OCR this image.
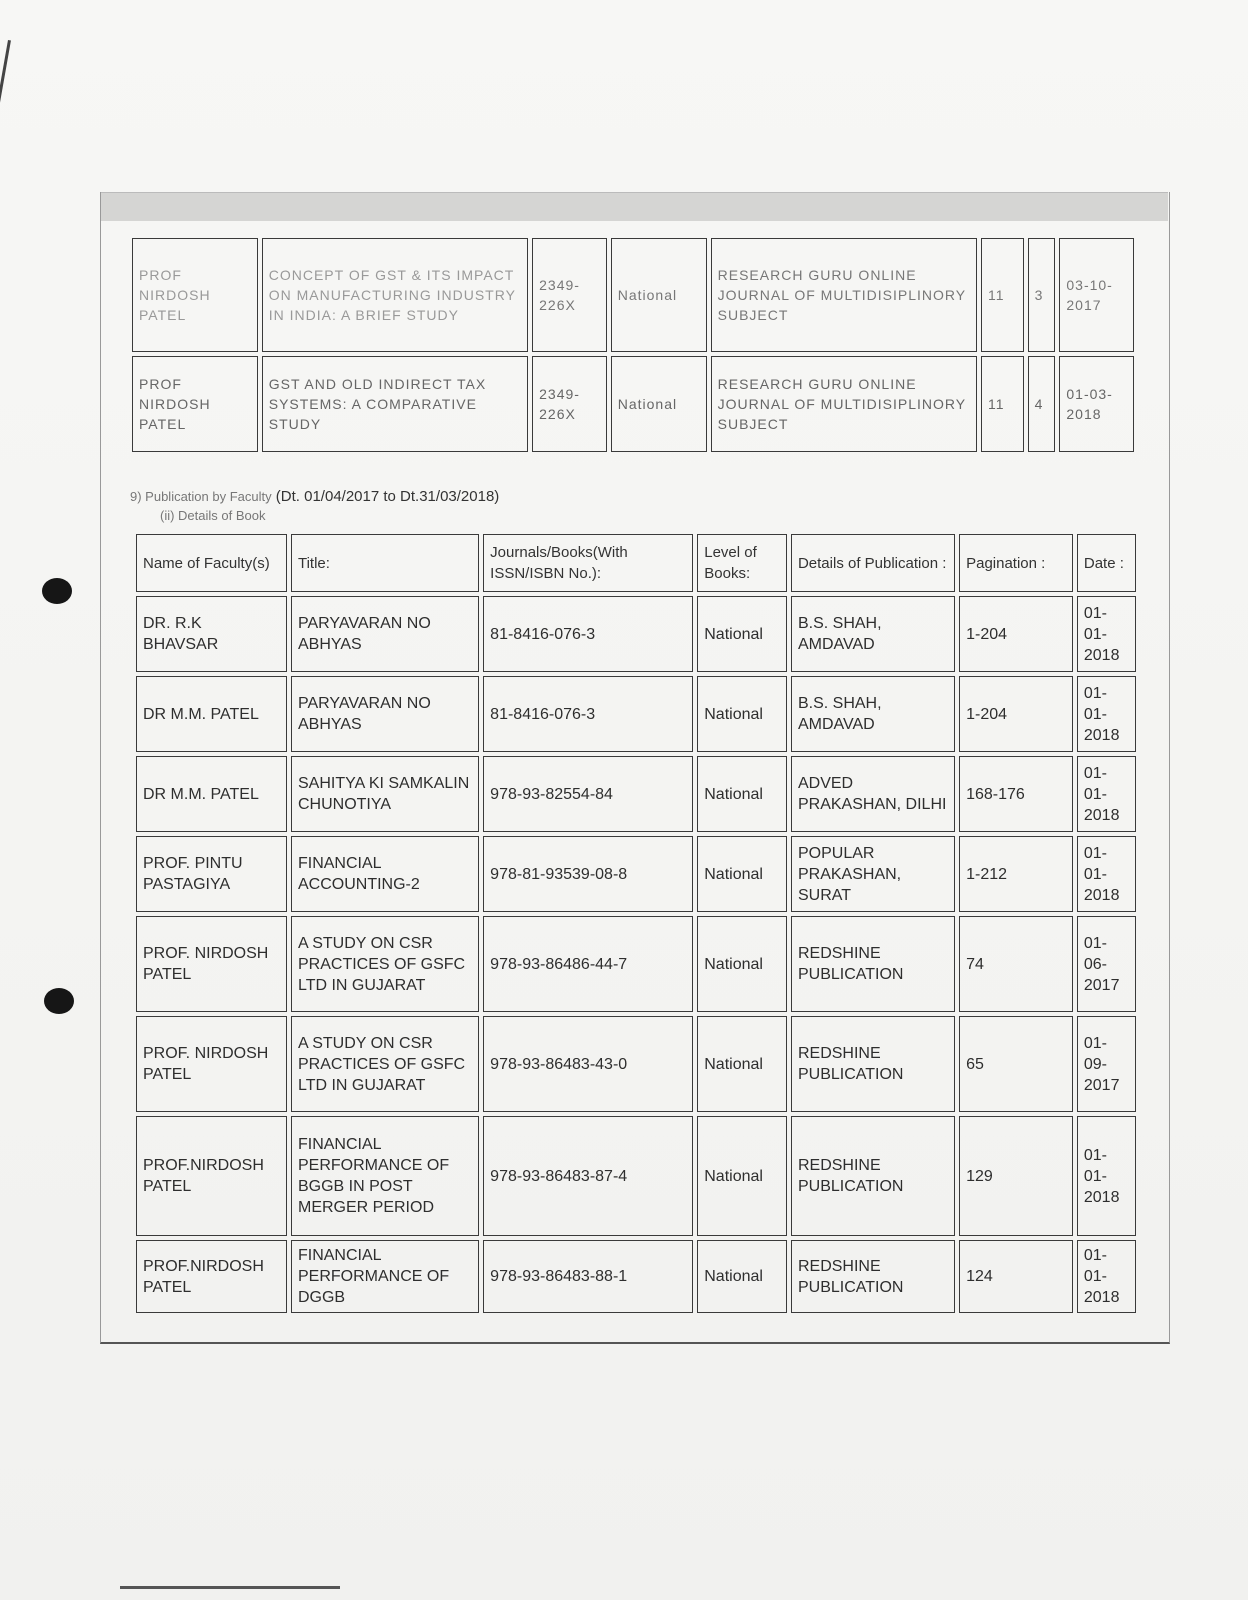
PROF NIRDOSH PATEL	CONCEPT OF GST & ITS IMPACT ON MANUFACTURING INDUSTRY IN INDIA: A BRIEF STUDY	2349-226X	National	RESEARCH GURU ONLINE JOURNAL OF MULTIDISIPLINORY SUBJECT	11	3	03-10-2017
PROF NIRDOSH PATEL	GST AND OLD INDIRECT TAX SYSTEMS: A COMPARATIVE STUDY	2349-226X	National	RESEARCH GURU ONLINE JOURNAL OF MULTIDISIPLINORY SUBJECT	11	4	01-03-2018
9) Publication by Faculty (Dt. 01/04/2017 to Dt.31/03/2018)
(ii) Details of Book
Name of Faculty(s)	Title:	Journals/Books(With ISSN/ISBN No.):	Level of Books:	Details of Publication :	Pagination :	Date :
DR. R.K BHAVSAR	PARYAVARAN NO ABHYAS	81-8416-076-3	National	B.S. SHAH, AMDAVAD	1-204	01-01-2018
DR M.M. PATEL	PARYAVARAN NO ABHYAS	81-8416-076-3	National	B.S. SHAH, AMDAVAD	1-204	01-01-2018
DR M.M. PATEL	SAHITYA KI SAMKALIN CHUNOTIYA	978-93-82554-84	National	ADVED PRAKASHAN, DILHI	168-176	01-01-2018
PROF. PINTU PASTAGIYA	FINANCIAL ACCOUNTING-2	978-81-93539-08-8	National	POPULAR PRAKASHAN, SURAT	1-212	01-01-2018
PROF. NIRDOSH PATEL	A STUDY ON CSR PRACTICES OF GSFC LTD IN GUJARAT	978-93-86486-44-7	National	REDSHINE PUBLICATION	74	01-06-2017
PROF. NIRDOSH PATEL	A STUDY ON CSR PRACTICES OF GSFC LTD IN GUJARAT	978-93-86483-43-0	National	REDSHINE PUBLICATION	65	01-09-2017
PROF.NIRDOSH PATEL	FINANCIAL PERFORMANCE OF BGGB IN POST MERGER PERIOD	978-93-86483-87-4	National	REDSHINE PUBLICATION	129	01-01-2018
PROF.NIRDOSH PATEL	FINANCIAL PERFORMANCE OF DGGB	978-93-86483-88-1	National	REDSHINE PUBLICATION	124	01-01-2018
